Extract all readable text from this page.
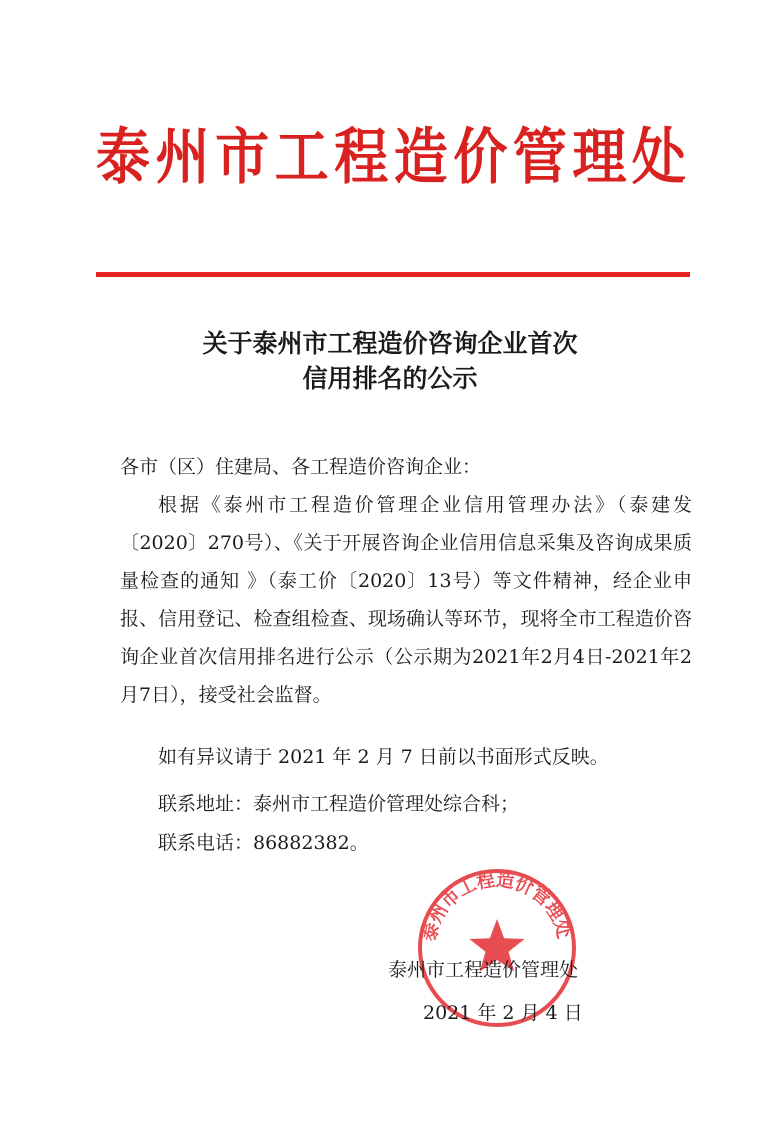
泰 州 市 工 程 造 价 管 理 处
关于泰州市工程造价咨询企业首次
信用排名的公示
各市（区）住建局、各工程造价咨询企业：
根据《泰州市工程造价管理企业信用管理办法》（泰建发〔2020〕270号）、《关于开展咨询企业信用信息采集及咨询成果质量检查的通知 》（泰工价〔2020〕13号）等文件精神，经企业申报、信用登记、检查组检查、现场确认等环节，现将全市工程造价咨询企业首次信用排名进行公示（公示期为2021年2月4日-2021年2月7日），接受社会监督。
如有异议请于 2021 年 2 月 7 日前以书面形式反映。
联系地址：泰州市工程造价管理处综合科；
联系电话：86882382。
泰州市工程造价管理处
泰州市工程造价管理处
2021 年 2 月 4 日
